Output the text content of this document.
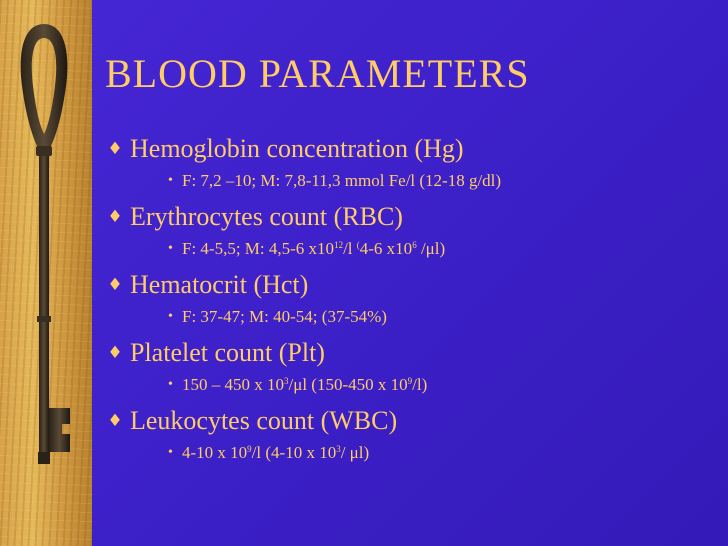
BLOOD PARAMETERS
♦ Hemoglobin concentration (Hg)
• F: 7,2 –10; M: 7,8-11,3 mmol Fe/l (12-18 g/dl)
♦ Erythrocytes count (RBC)
• F: 4-5,5; M: 4,5-6 $x10^{12}/l$ (4-6 $x10^6$ /μl)
♦ Hematocrit (Hct)
• F: 37-47; M: 40-54; (37-54%)
♦ Platelet count (Plt)
• 150 – 450 x $10^3/\mu l$ (150-450 x $10^9/l$)
♦ Leukocytes count (WBC)
• 4-10 x $10^9/l$ (4-10 x $10^3/$ μl)
